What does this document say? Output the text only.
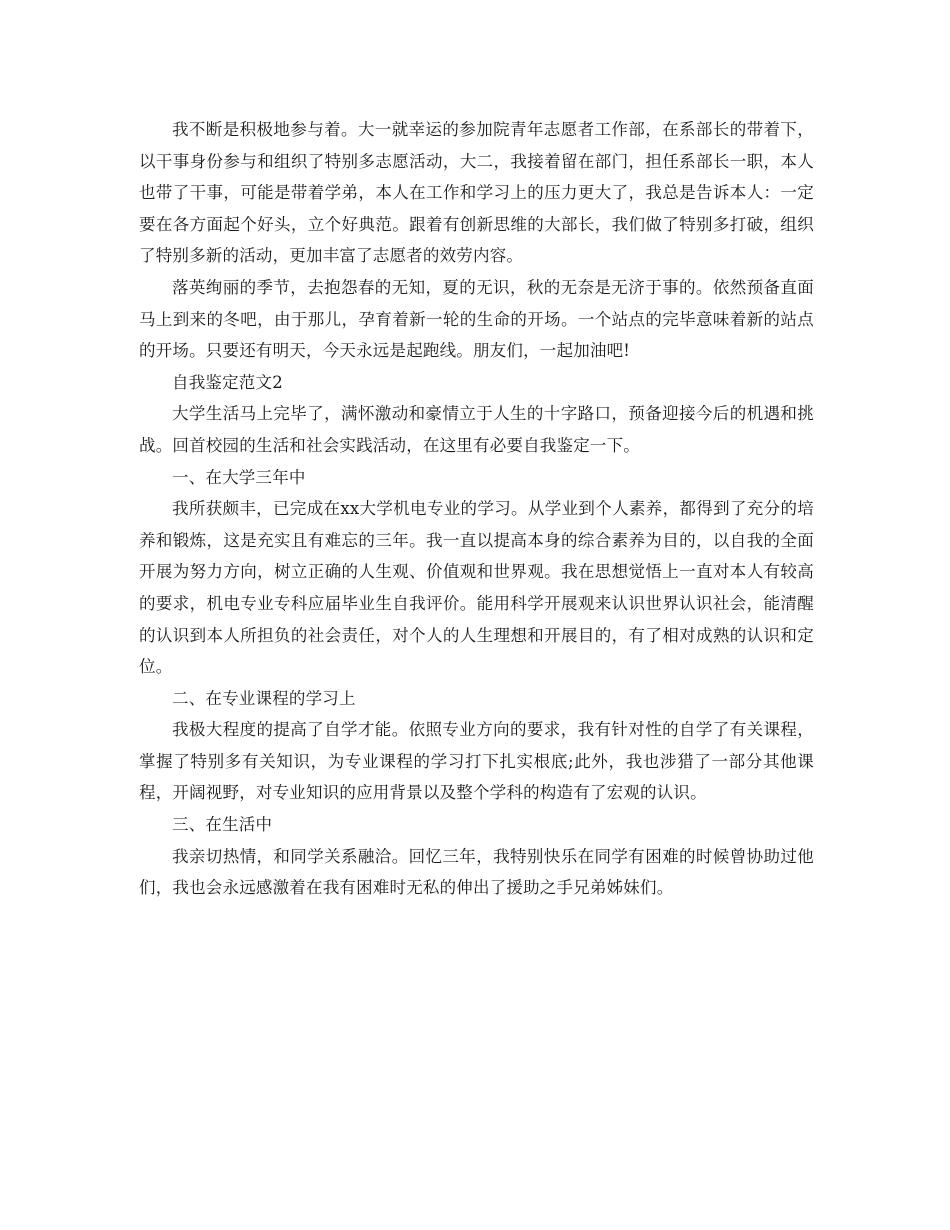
我不断是积极地参与着。大一就幸运的参加院青年志愿者工作部，在系部长的带着下，以干事身份参与和组织了特别多志愿活动，大二，我接着留在部门，担任系部长一职，本人也带了干事，可能是带着学弟，本人在工作和学习上的压力更大了，我总是告诉本人：一定要在各方面起个好头，立个好典范。跟着有创新思维的大部长，我们做了特别多打破，组织了特别多新的活动，更加丰富了志愿者的效劳内容。

落英绚丽的季节，去抱怨春的无知，夏的无识，秋的无奈是无济于事的。依然预备直面马上到来的冬吧，由于那儿，孕育着新一轮的生命的开场。一个站点的完毕意味着新的站点的开场。只要还有明天，今天永远是起跑线。朋友们，一起加油吧!

自我鉴定范文2

大学生活马上完毕了，满怀激动和豪情立于人生的十字路口，预备迎接今后的机遇和挑战。回首校园的生活和社会实践活动，在这里有必要自我鉴定一下。

一、在大学三年中

我所获颇丰，已完成在xx大学机电专业的学习。从学业到个人素养，都得到了充分的培养和锻炼，这是充实且有难忘的三年。我一直以提高本身的综合素养为目的，以自我的全面开展为努力方向，树立正确的人生观、价值观和世界观。我在思想觉悟上一直对本人有较高的要求，机电专业专科应届毕业生自我评价。能用科学开展观来认识世界认识社会，能清醒的认识到本人所担负的社会责任，对个人的人生理想和开展目的，有了相对成熟的认识和定位。

二、在专业课程的学习上

我极大程度的提高了自学才能。依照专业方向的要求，我有针对性的自学了有关课程，掌握了特别多有关知识，为专业课程的学习打下扎实根底;此外，我也涉猎了一部分其他课程，开阔视野，对专业知识的应用背景以及整个学科的构造有了宏观的认识。

三、在生活中

我亲切热情，和同学关系融洽。回忆三年，我特别快乐在同学有困难的时候曾协助过他们，我也会永远感激着在我有困难时无私的伸出了援助之手兄弟姊妹们。
